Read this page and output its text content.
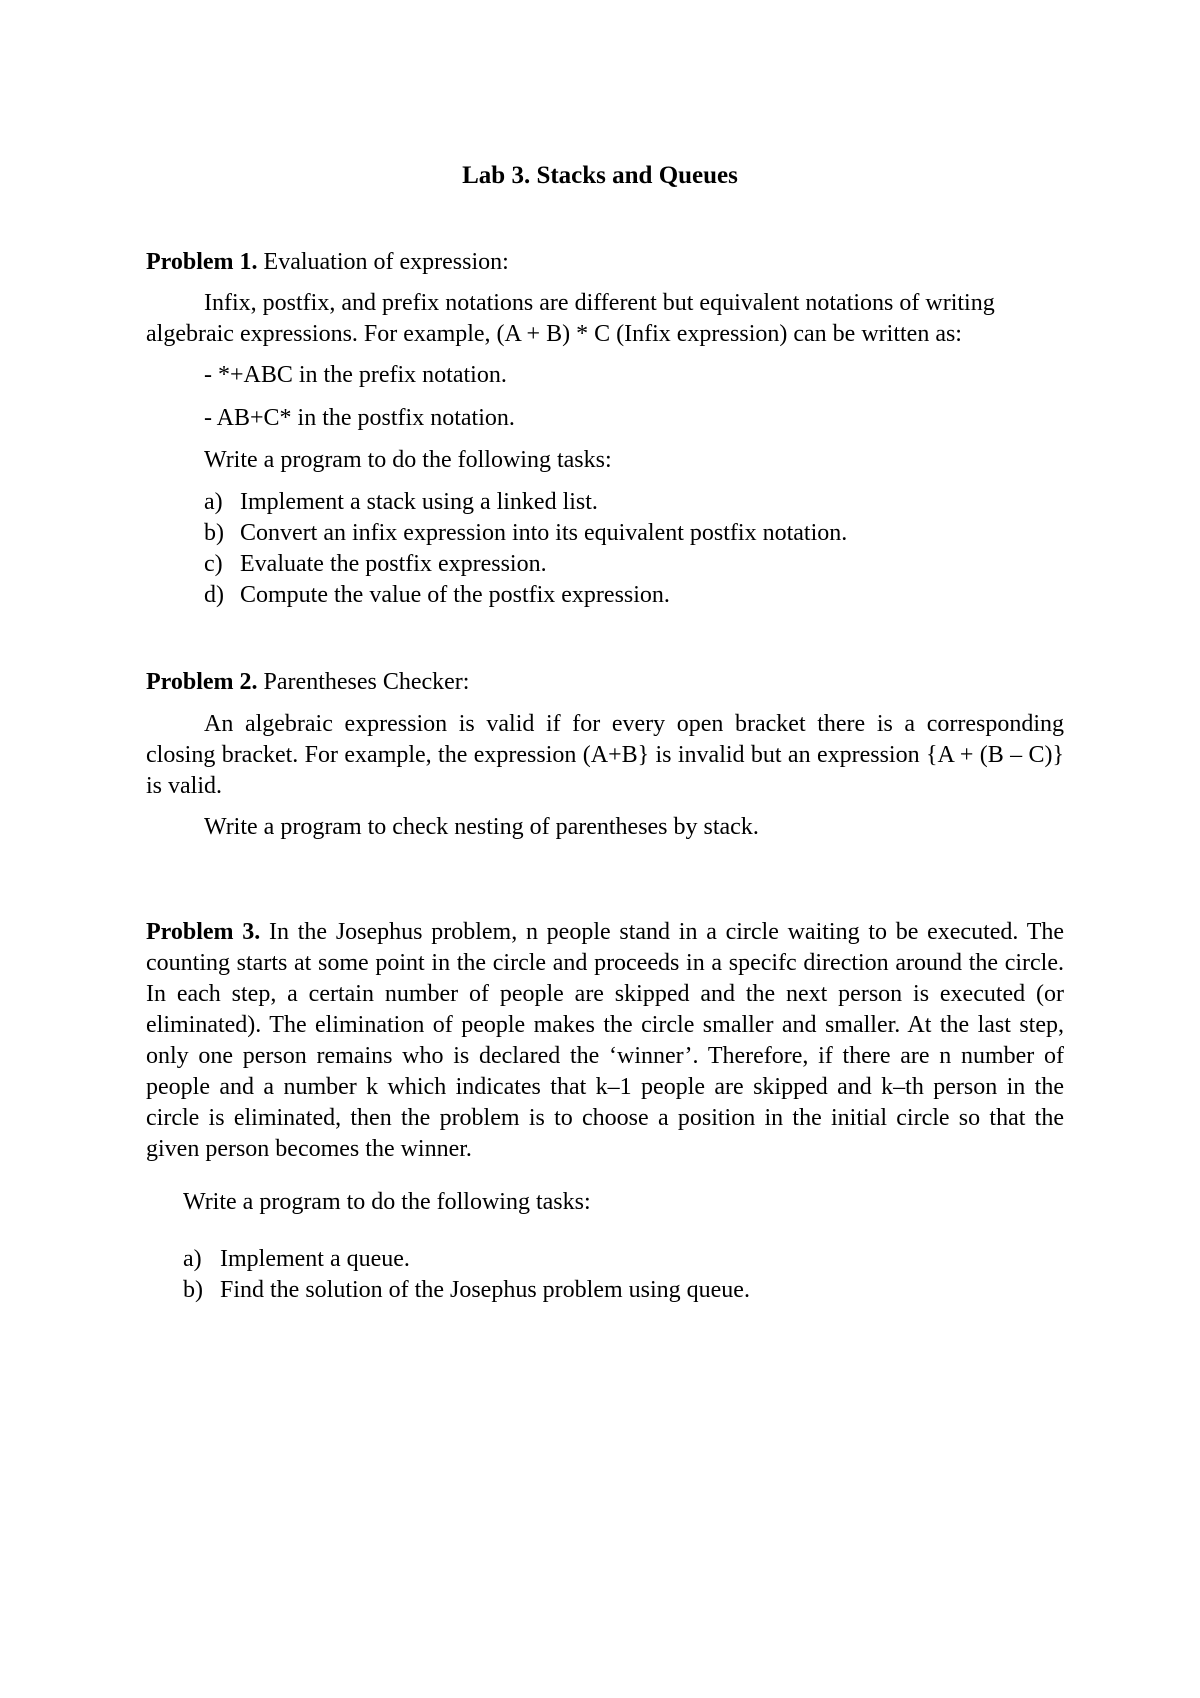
Lab 3. Stacks and Queues

Problem 1. Evaluation of expression:

Infix, postfix, and prefix notations are different but equivalent notations of writing

algebraic expressions. For example, (A + B) * C (Infix expression) can be written as:

- *+ABC in the prefix notation.

- AB+C* in the postfix notation.

Write a program to do the following tasks:

a) Implement a stack using a linked list.
b) Convert an infix expression into its equivalent postfix notation.
c) Evaluate the postfix expression.
d) Compute the value of the postfix expression.

Problem 2. Parentheses Checker:

An algebraic expression is valid if for every open bracket there is a corresponding closing bracket. For example, the expression (A+B} is invalid but an expression {A + (B – C)} is valid.

Write a program to check nesting of parentheses by stack.

Problem 3. In the Josephus problem, n people stand in a circle waiting to be executed. The counting starts at some point in the circle and proceeds in a specifc direction around the circle. In each step, a certain number of people are skipped and the next person is executed (or eliminated). The elimination of people makes the circle smaller and smaller. At the last step, only one person remains who is declared the ‘winner’. Therefore, if there are n number of people and a number k which indicates that k–1 people are skipped and k–th person in the circle is eliminated, then the problem is to choose a position in the initial circle so that the given person becomes the winner.

Write a program to do the following tasks:

a) Implement a queue.
b) Find the solution of the Josephus problem using queue.
